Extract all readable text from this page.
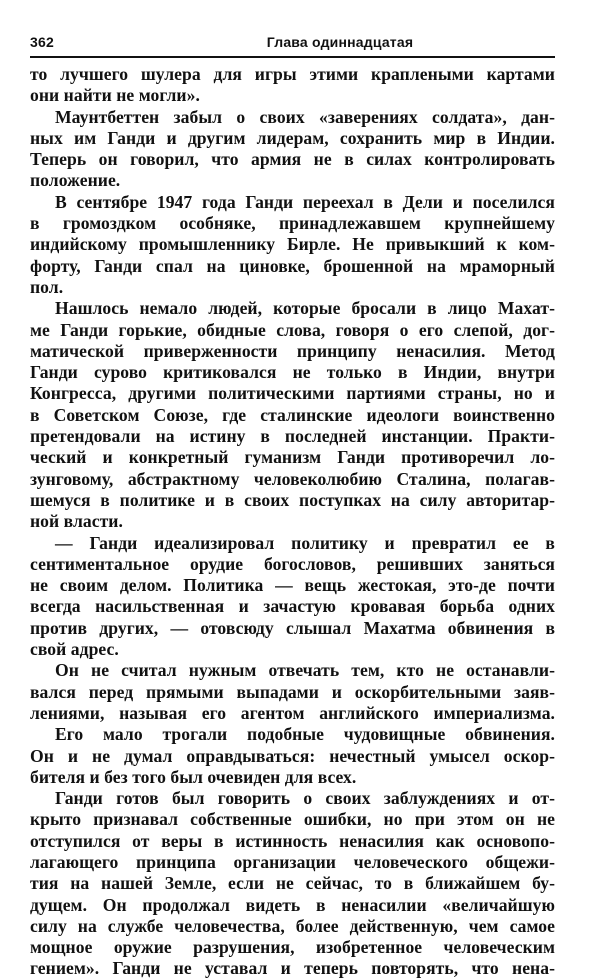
362	Глава одиннадцатая
то лучшего шулера для игры этими краплеными картами
они найти не могли».
Маунтбеттен забыл о своих «заверениях солдата», дан-
ных им Ганди и другим лидерам, сохранить мир в Индии.
Теперь он говорил, что армия не в силах контролировать
положение.
В сентябре 1947 года Ганди переехал в Дели и поселился
в громоздком особняке, принадлежавшем крупнейшему
индийскому промышленнику Бирле. Не привыкший к ком-
форту, Ганди спал на циновке, брошенной на мраморный
пол.
Нашлось немало людей, которые бросали в лицо Махат-
ме Ганди горькие, обидные слова, говоря о его слепой, дог-
матической приверженности принципу ненасилия. Метод
Ганди сурово критиковался не только в Индии, внутри
Конгресса, другими политическими партиями страны, но и
в Советском Союзе, где сталинские идеологи воинственно
претендовали на истину в последней инстанции. Практи-
ческий и конкретный гуманизм Ганди противоречил ло-
зунговому, абстрактному человеколюбию Сталина, полагав-
шемуся в политике и в своих поступках на силу авторитар-
ной власти.
— Ганди идеализировал политику и превратил ее в
сентиментальное орудие богословов, решивших заняться
не своим делом. Политика — вещь жестокая, это-де почти
всегда насильственная и зачастую кровавая борьба одних
против других, — отовсюду слышал Махатма обвинения в
свой адрес.
Он не считал нужным отвечать тем, кто не останавли-
вался перед прямыми выпадами и оскорбительными заяв-
лениями, называя его агентом английского империализма.
Его мало трогали подобные чудовищные обвинения.
Он и не думал оправдываться: нечестный умысел оскор-
бителя и без того был очевиден для всех.
Ганди готов был говорить о своих заблуждениях и от-
крыто признавал собственные ошибки, но при этом он не
отступился от веры в истинность ненасилия как основопо-
лагающего принципа организации человеческого общежи-
тия на нашей Земле, если не сейчас, то в ближайшем бу-
дущем. Он продолжал видеть в ненасилии «величайшую
силу на службе человечества, более действенную, чем самое
мощное оружие разрушения, изобретенное человеческим
гением». Ганди не уставал и теперь повторять, что нена-
